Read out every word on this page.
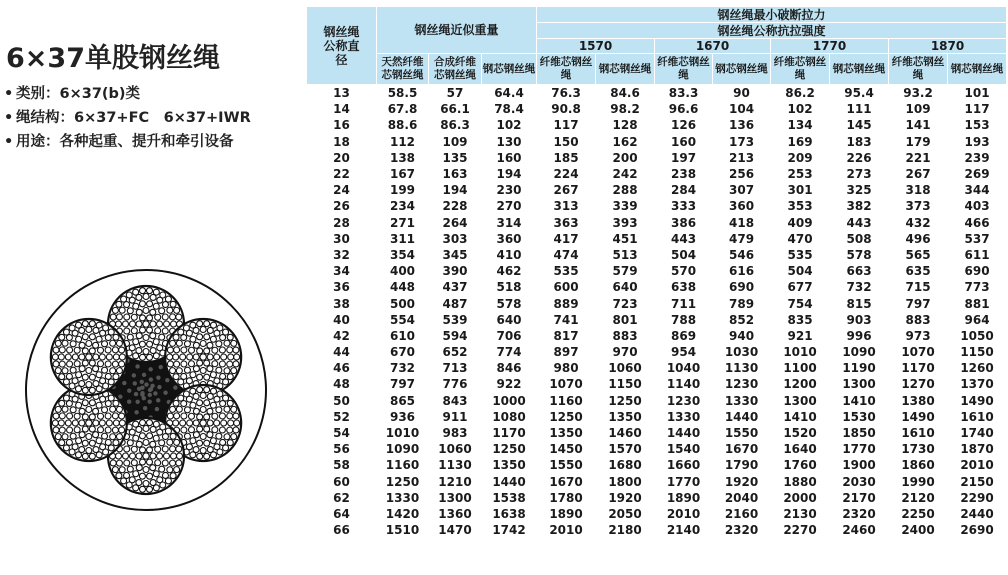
6×37单股钢丝绳
• 类别：6×37(b)类
• 绳结构：6×37+FC　6×37+IWR
• 用途：各种起重、提升和牵引设备
钢丝绳公称直径	钢丝绳近似重量			钢丝绳最小破断拉力							
				钢丝绳公称抗拉强度							
				1570		1670		1770		1870	
	天然纤维芯钢丝绳	合成纤维芯钢丝绳	钢芯钢丝绳	纤维芯钢丝绳	钢芯钢丝绳	纤维芯钢丝绳	钢芯钢丝绳	纤维芯钢丝绳	钢芯钢丝绳	纤维芯钢丝绳	钢芯钢丝绳
13	58.5	57	64.4	76.3	84.6	83.3	90	86.2	95.4	93.2	101
14	67.8	66.1	78.4	90.8	98.2	96.6	104	102	111	109	117
16	88.6	86.3	102	117	128	126	136	134	145	141	153
18	112	109	130	150	162	160	173	169	183	179	193
20	138	135	160	185	200	197	213	209	226	221	239
22	167	163	194	224	242	238	256	253	273	267	269
24	199	194	230	267	288	284	307	301	325	318	344
26	234	228	270	313	339	333	360	353	382	373	403
28	271	264	314	363	393	386	418	409	443	432	466
30	311	303	360	417	451	443	479	470	508	496	537
32	354	345	410	474	513	504	546	535	578	565	611
34	400	390	462	535	579	570	616	504	663	635	690
36	448	437	518	600	640	638	690	677	732	715	773
38	500	487	578	889	723	711	789	754	815	797	881
40	554	539	640	741	801	788	852	835	903	883	964
42	610	594	706	817	883	869	940	921	996	973	1050
44	670	652	774	897	970	954	1030	1010	1090	1070	1150
46	732	713	846	980	1060	1040	1130	1100	1190	1170	1260
48	797	776	922	1070	1150	1140	1230	1200	1300	1270	1370
50	865	843	1000	1160	1250	1230	1330	1300	1410	1380	1490
52	936	911	1080	1250	1350	1330	1440	1410	1530	1490	1610
54	1010	983	1170	1350	1460	1440	1550	1520	1850	1610	1740
56	1090	1060	1250	1450	1570	1540	1670	1640	1770	1730	1870
58	1160	1130	1350	1550	1680	1660	1790	1760	1900	1860	2010
60	1250	1210	1440	1670	1800	1770	1920	1880	2030	1990	2150
62	1330	1300	1538	1780	1920	1890	2040	2000	2170	2120	2290
64	1420	1360	1638	1890	2050	2010	2160	2130	2320	2250	2440
66	1510	1470	1742	2010	2180	2140	2320	2270	2460	2400	2690
